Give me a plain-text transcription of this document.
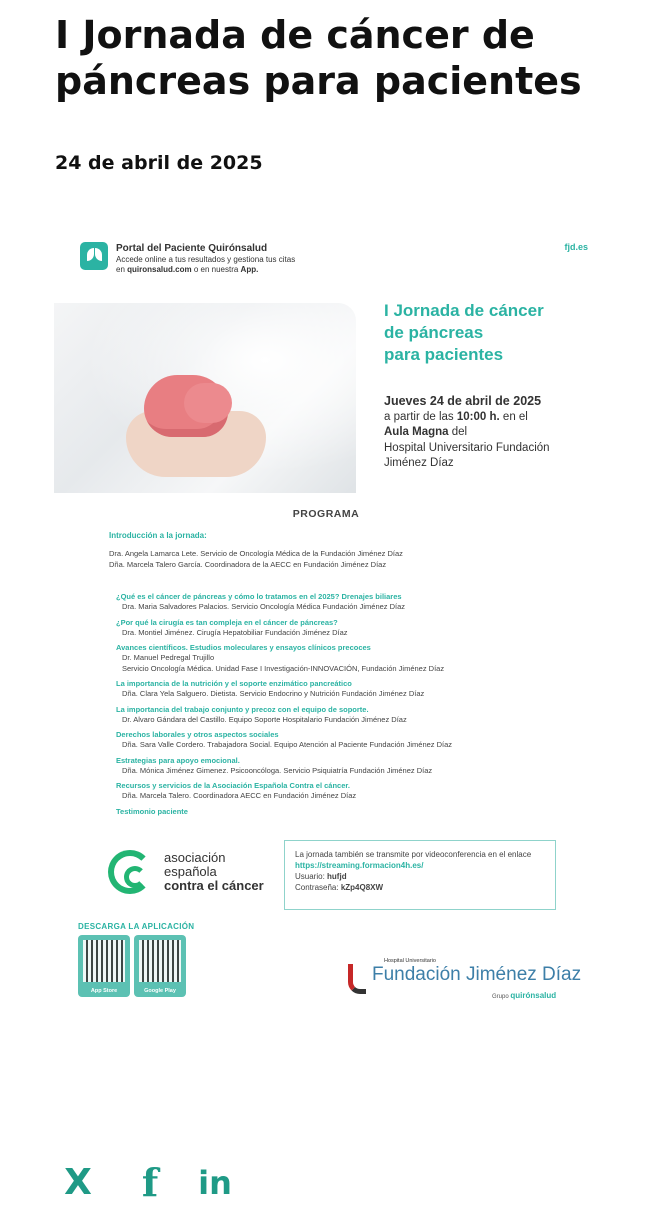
I Jornada de cáncer de páncreas para pacientes
24 de abril de 2025
Portal del Paciente Quirónsalud
Accede online a tus resultados y gestiona tus citas
en quironsalud.com o en nuestra App.
fjd.es
I Jornada de cáncer
de páncreas
para pacientes
Jueves 24 de abril de 2025
a partir de las 10:00 h. en el
Aula Magna del
Hospital Universitario Fundación Jiménez Díaz
PROGRAMA
Introducción a la jornada:
Dra. Angela Lamarca Lete. Servicio de Oncología Médica de la Fundación Jiménez Díaz
Dña. Marcela Talero García. Coordinadora de la AECC en Fundación Jiménez Díaz
¿Qué es el cáncer de páncreas y cómo lo tratamos en el 2025? Drenajes biliares
Dra. Maria Salvadores Palacios. Servicio Oncología Médica Fundación Jiménez Díaz
¿Por qué la cirugía es tan compleja en el cáncer de páncreas?
Dra. Montiel Jiménez. Cirugía Hepatobiliar Fundación Jiménez Díaz
Avances científicos. Estudios moleculares y ensayos clínicos precoces
Dr. Manuel Pedregal Trujillo
Servicio Oncología Médica. Unidad Fase I Investigación-INNOVACIÓN, Fundación Jiménez Díaz
La importancia de la nutrición y el soporte enzimático pancreático
Dña. Clara Yela Salguero. Dietista. Servicio Endocrino y Nutrición Fundación Jiménez Díaz
La importancia del trabajo conjunto y precoz con el equipo de soporte.
Dr. Alvaro Gándara del Castillo. Equipo Soporte Hospitalario Fundación Jiménez Díaz
Derechos laborales y otros aspectos sociales
Dña. Sara Valle Cordero. Trabajadora Social. Equipo Atención al Paciente Fundación Jiménez Díaz
Estrategias para apoyo emocional.
Dña. Mónica Jiménez Gimenez. Psicooncóloga. Servicio Psiquiatría Fundación Jiménez Díaz
Recursos y servicios de la Asociación Española Contra el cáncer.
Dña. Marcela Talero. Coordinadora AECC en Fundación Jiménez Díaz
Testimonio paciente
asociación
española
contra el cáncer
La jornada también se transmite por videoconferencia en el enlace
https://streaming.formacion4h.es/
Usuario: hufjd
Contraseña: kZp4Q8XW
DESCARGA LA APLICACIÓN
App Store	Google Play
Hospital Universitario
Fundación Jiménez Díaz
Grupo quirónsalud
X	f	in
